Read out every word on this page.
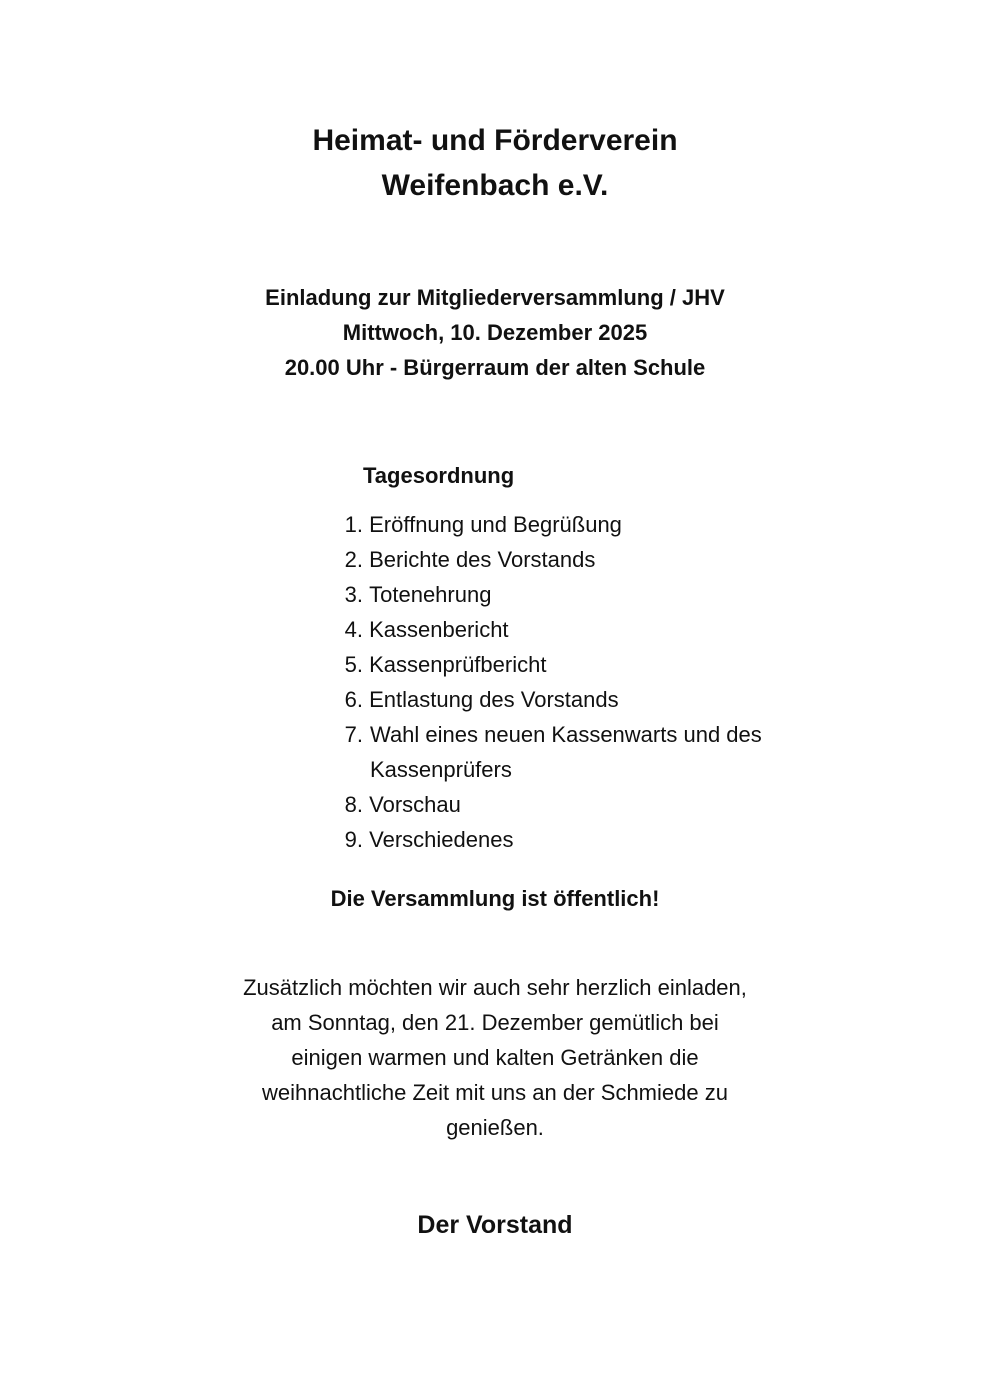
Heimat- und Förderverein
Weifenbach e.V.
Einladung zur Mitgliederversammlung / JHV
Mittwoch, 10. Dezember 2025
20.00 Uhr - Bürgerraum der alten Schule
Tagesordnung
1. Eröffnung und Begrüßung
2. Berichte des Vorstands
3. Totenehrung
4. Kassenbericht
5. Kassenprüfbericht
6. Entlastung des Vorstands
7. Wahl eines neuen Kassenwarts und des Kassenprüfers
8. Vorschau
9. Verschiedenes
Die Versammlung ist öffentlich!
Zusätzlich möchten wir auch sehr herzlich einladen,
am Sonntag, den 21. Dezember gemütlich bei
einigen warmen und kalten Getränken die
weihnachtliche Zeit mit uns an der Schmiede zu
genießen.
Der Vorstand
